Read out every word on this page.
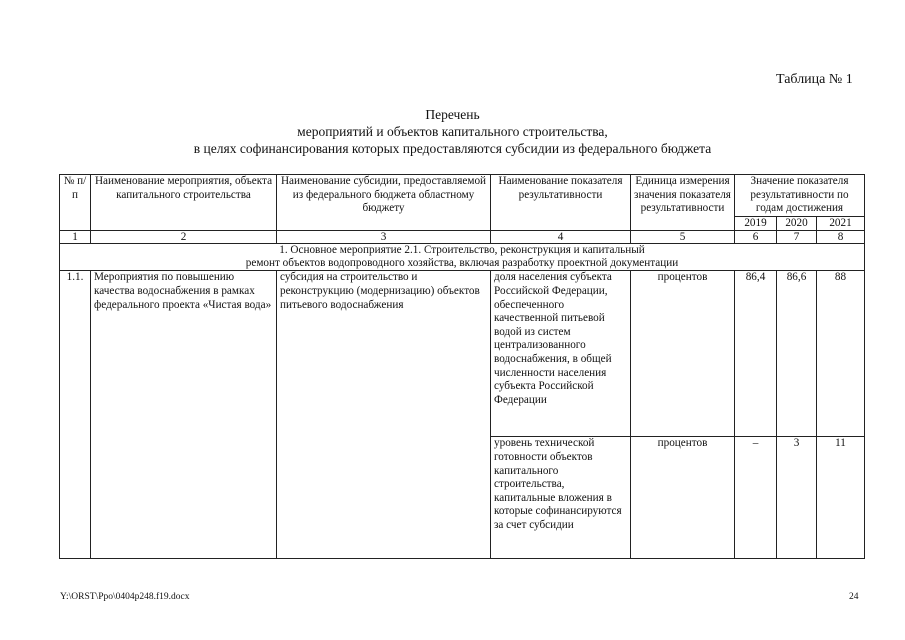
Таблица № 1
Перечень
мероприятий и объектов капитального строительства,
в целях софинансирования которых предоставляются субсидии из федерального бюджета
№ п/п	Наименование мероприятия, объекта капитального строительства	Наименование субсидии, предоставляемой из федерального бюджета областному бюджету	Наименование показателя результативности	Единица измерения значения показателя результативности	Значение показателя результативности по годам достижения		
					2019	2020	2021
1	2	3	4	5	6	7	8

1. Основное мероприятие 2.1. Строительство, реконструкция и капитальный
ремонт объектов водопроводного хозяйства, включая разработку проектной документации							

1.1.	Мероприятия по повышению качества водоснабжения в рамках федерального проекта «Чистая вода»	субсидия на строительство и реконструкцию (модернизацию) объектов питьевого водоснабжения	доля населения субъекта Российской Федерации, обеспеченного качественной питьевой водой из систем централизованного водоснабжения, в общей численности населения субъекта Российской Федерации	процентов	86,4	86,6	88
			уровень технической готовности объектов капитального строительства, капитальные вложения в которые софинансируются за счет субсидии	процентов	–	3	11
Y:\ORST\Ppo\0404p248.f19.docx	24
